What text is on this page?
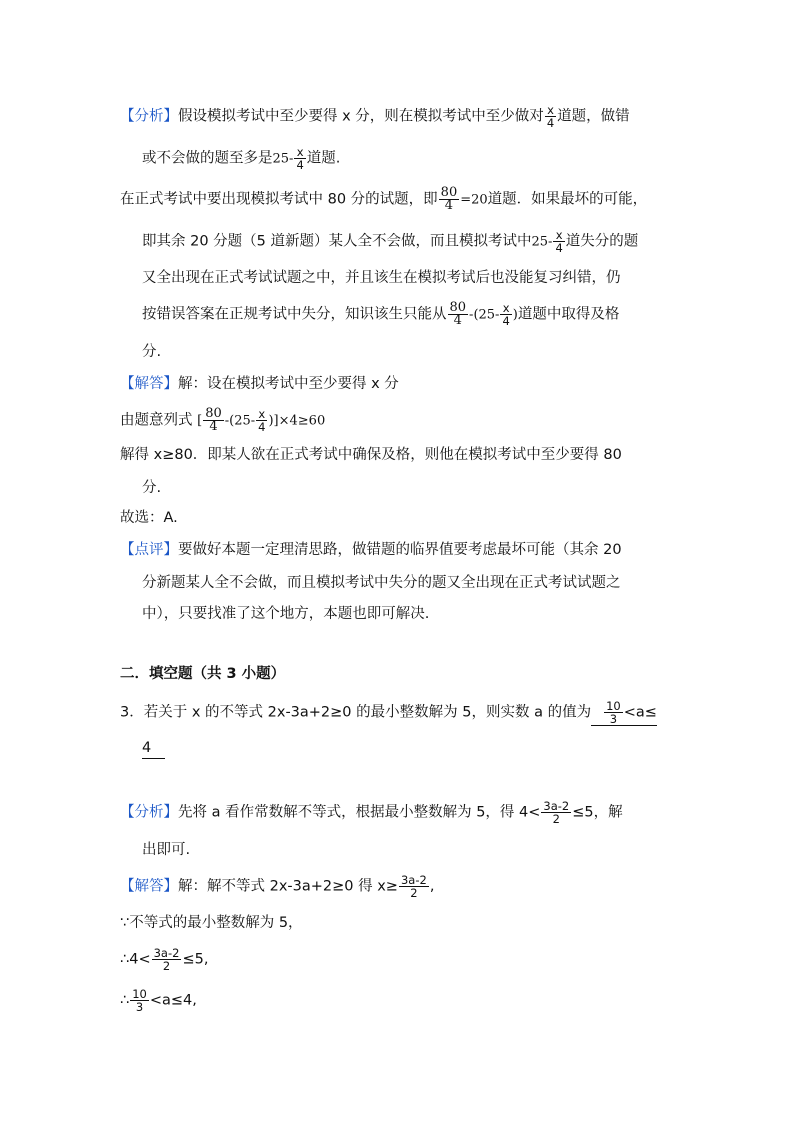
【分析】假设模拟考试中至少要得 x 分，则在模拟考试中至少做对 $\frac{x}{4}$ 道题，做错
或不会做的题至多是$25- \frac{x}{4}$ 道题.
在正式考试中要出现模拟考试中 80 分的试题，即 $\frac{80}{4} =20$道题．如果最坏的可能，
即其余 20 分题（5 道新题）某人全不会做，而且模拟考试中$25- \frac{x}{4}$ 道失分的题
又全出现在正式考试试题之中，并且该生在模拟考试后也没能复习纠错，仍
按错误答案在正规考试中失分，知识该生只能从 $\frac{80}{4} -(25- \frac{x}{4}$ )道题中取得及格
分.
【解答】解：设在模拟考试中至少要得 x 分
由题意列式 [ $\frac{80}{4} -(25- \frac{x}{4} )]\times 4\ge 60$
解得 x≥80．即某人欲在正式考试中确保及格，则他在模拟考试中至少要得 80
分.
故选：A.
【点评】要做好本题一定理清思路，做错题的临界值要考虑最坏可能（其余 20
分新题某人全不会做，而且模拟考试中失分的题又全出现在正式考试试题之
中），只要找准了这个地方，本题也即可解决.
二．填空题（共 3 小题）
3．若关于 x 的不等式 2x-3a+2≥0 的最小整数解为 5，则实数 a 的值为 $\frac{10}{3} <a\le$
4
【分析】先将 a 看作常数解不等式，根据最小整数解为 5，得 $4< \frac{3a-2}{2} \le 5$，解
出即可.
【解答】解：解不等式 2x-3a+2≥0 得 $x\ge \frac{3a-2}{2}$ ,
∵不等式的最小整数解为 5，
∴4< $\frac{3a-2}{2} \le 5$,
∴ $\frac{10}{3} <a\le 4$,
